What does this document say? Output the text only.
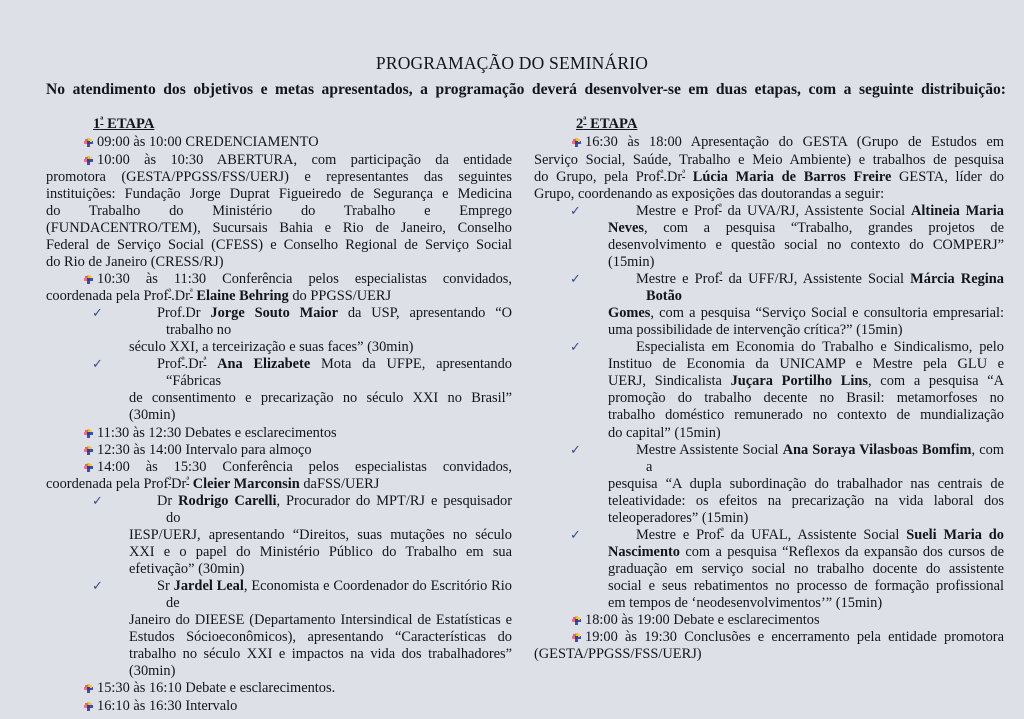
PROGRAMAÇÃO DO SEMINÁRIO

No atendimento dos objetivos e metas apresentados, a programação deverá desenvolver-se em duas etapas, com a seguinte distribuição:

$1^ª$ ETAPA
09:00 às 10:00 CREDENCIAMENTO
10:00 às 10:30 ABERTURA, com participação da entidade
promotora (GESTA/PPGSS/FSS/UERJ) e representantes das seguintes
instituições: Fundação Jorge Duprat Figueiredo de Segurança e Medicina
do Trabalho do Ministério do Trabalho e Emprego
(FUNDACENTRO/TEM), Sucursais Bahia e Rio de Janeiro, Conselho
Federal de Serviço Social (CFESS) e Conselho Regional de Serviço Social
do Rio de Janeiro (CRESS/RJ)
10:30 às 11:30 Conferência pelos especialistas convidados,
coordenada pela $Prof^ª.Dr^ª$ Elaine Behring do PPGSS/UERJ
✓	Prof.Dr Jorge Souto Maior da USP, apresentando “O trabalho no
século XXI, a terceirização e suas faces” (30min)
✓	$Prof^ª.Dr^ª$ Ana Elizabete Mota da UFPE, apresentando “Fábricas
de consentimento e precarização no século XXI no Brasil”
(30min)
11:30 às 12:30 Debates e esclarecimentos
12:30 às 14:00 Intervalo para almoço
14:00 às 15:30 Conferência pelos especialistas convidados,
coordenada pela $Prof^ªDr^ª$ Cleier Marconsin daFSS/UERJ
✓	Dr Rodrigo Carelli, Procurador do MPT/RJ e pesquisador do
IESP/UERJ, apresentando “Direitos, suas mutações no século
XXI e o papel do Ministério Público do Trabalho em sua
efetivação” (30min)
✓	Sr Jardel Leal, Economista e Coordenador do Escritório Rio de
Janeiro do DIEESE (Departamento Intersindical de Estatísticas e
Estudos Sócioeconômicos), apresentando “Características do
trabalho no século XXI e impactos na vida dos trabalhadores”
(30min)
15:30 às 16:10 Debate e esclarecimentos.
16:10 às 16:30 Intervalo
$2^ª$ ETAPA
16:30 às 18:00 Apresentação do GESTA (Grupo de Estudos em
Serviço Social, Saúde, Trabalho e Meio Ambiente) e trabalhos de pesquisa
do Grupo, pela $Prof^ª.Dr^ª$ Lúcia Maria de Barros Freire GESTA, líder do
Grupo, coordenando as exposições das doutorandas a seguir:
✓	Mestre e Prof$^ª$ da UVA/RJ, Assistente Social Altineia Maria
Neves, com a pesquisa “Trabalho, grandes projetos de
desenvolvimento e questão social no contexto do COMPERJ”
(15min)
✓	Mestre e Prof$^ª$ da UFF/RJ, Assistente Social Márcia Regina Botão
Gomes, com a pesquisa “Serviço Social e consultoria empresarial:
uma possibilidade de intervenção crítica?” (15min)
✓	Especialista em Economia do Trabalho e Sindicalismo, pelo
Instituo de Economia da UNICAMP e Mestre pela GLU e
UERJ, Sindicalista Juçara Portilho Lins, com a pesquisa “A
promoção do trabalho decente no Brasil: metamorfoses no
trabalho doméstico remunerado no contexto de mundialização
do capital” (15min)
✓	Mestre Assistente Social Ana Soraya Vilasboas Bomfim, com a
pesquisa “A dupla subordinação do trabalhador nas centrais de
teleatividade: os efeitos na precarização na vida laboral dos
teleoperadores” (15min)
✓	Mestre e Prof$^ª$ da UFAL, Assistente Social Sueli Maria do
Nascimento com a pesquisa “Reflexos da expansão dos cursos de
graduação em serviço social no trabalho docente do assistente
social e seus rebatimentos no processo de formação profissional
em tempos de ‘neodesenvolvimentos’” (15min)
18:00 às 19:00 Debate e esclarecimentos
19:00 às 19:30 Conclusões e encerramento pela entidade promotora
(GESTA/PPGSS/FSS/UERJ)
